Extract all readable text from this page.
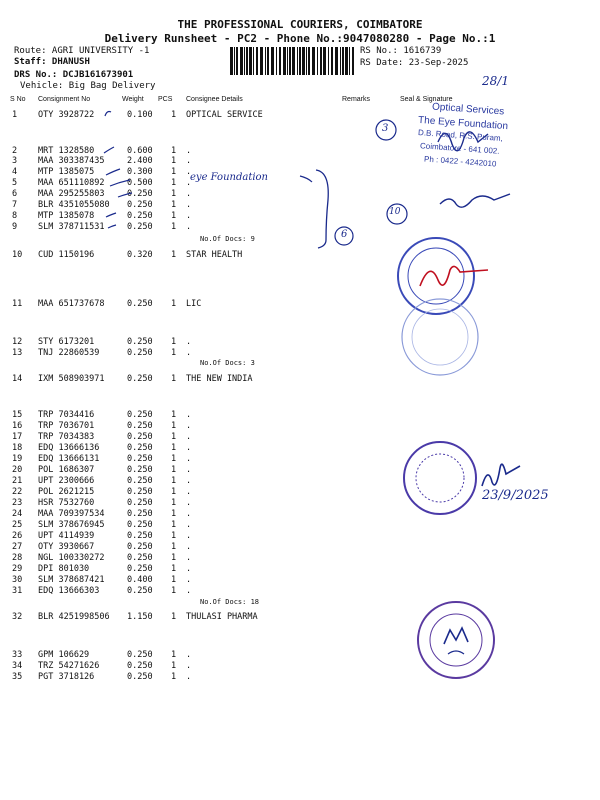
THE PROFESSIONAL COURIERS, COIMBATORE
Delivery Runsheet - PC2 - Phone No.:9047080280 - Page No.:1
Route: AGRI UNIVERSITY -1
Staff: DHANUSH
DRS No.: DCJB161673901
Vehicle: Big Bag Delivery
RS No.: 1616739
RS Date: 23-Sep-2025
28/1
S No Consignment No	Weight PCS Consignee Details	Remarks	Seal & Signature
1 OTY 3928722	0.100 1 OPTICAL SERVICE
2 MRT 1328580	0.600 1 .
3 MAA 303387435	2.400 1 .
4 MTP 1385075	0.300 1 .
5 MAA 651110892	0.500 1 .
6 MAA 295255803	0.250 1 .
7 BLR 4351055080 0.250 1 .
8 MTP 1385078	0.250 1 .
9 SLM 378711531	0.250 1 .
No.Of Docs: 9
10 CUD 1150196	0.320 1 STAR HEALTH
11 MAA 651737678	0.250 1 LIC
12 STY 6173201	0.250 1 .
13 TNJ 22860539	0.250 1 .
No.Of Docs: 3
14 IXM 508903971	0.250 1 THE NEW INDIA
15 TRP 7034416	0.250 1 .
16 TRP 7036701	0.250 1 .
17 TRP 7034383	0.250 1 .
18 EDQ 13666136	0.250 1 .
19 EDQ 13666131	0.250 1 .
20 POL 1686307	0.250 1 .
21 UPT 2300666	0.250 1 .
22 POL 2621215	0.250 1 .
23 HSR 7532760	0.250 1 .
24 MAA 709397534	0.250 1 .
25 SLM 378676945	0.250 1 .
26 UPT 4114939	0.250 1 .
27 OTY 3930667	0.250 1 .
28 NGL 100330272	0.250 1 .
29 DPI 801030	0.250 1 .
30 SLM 378687421	0.400 1 .
31 EDQ 13666303	0.250 1 .
No.Of Docs: 18
32 BLR 4251998506 1.150 1 THULASI PHARMA
33 GPM 106629	0.250 1 .
34 TRZ 54271626	0.250 1 .
35 PGT 3718126	0.250 1 .
eye Foundation
3
10
6
23/9/2025
Optical Services
The Eye Foundation
D.B. Road, R.S. Puram,
Coimbatore - 641 002.
Ph : 0422 - 4242010
